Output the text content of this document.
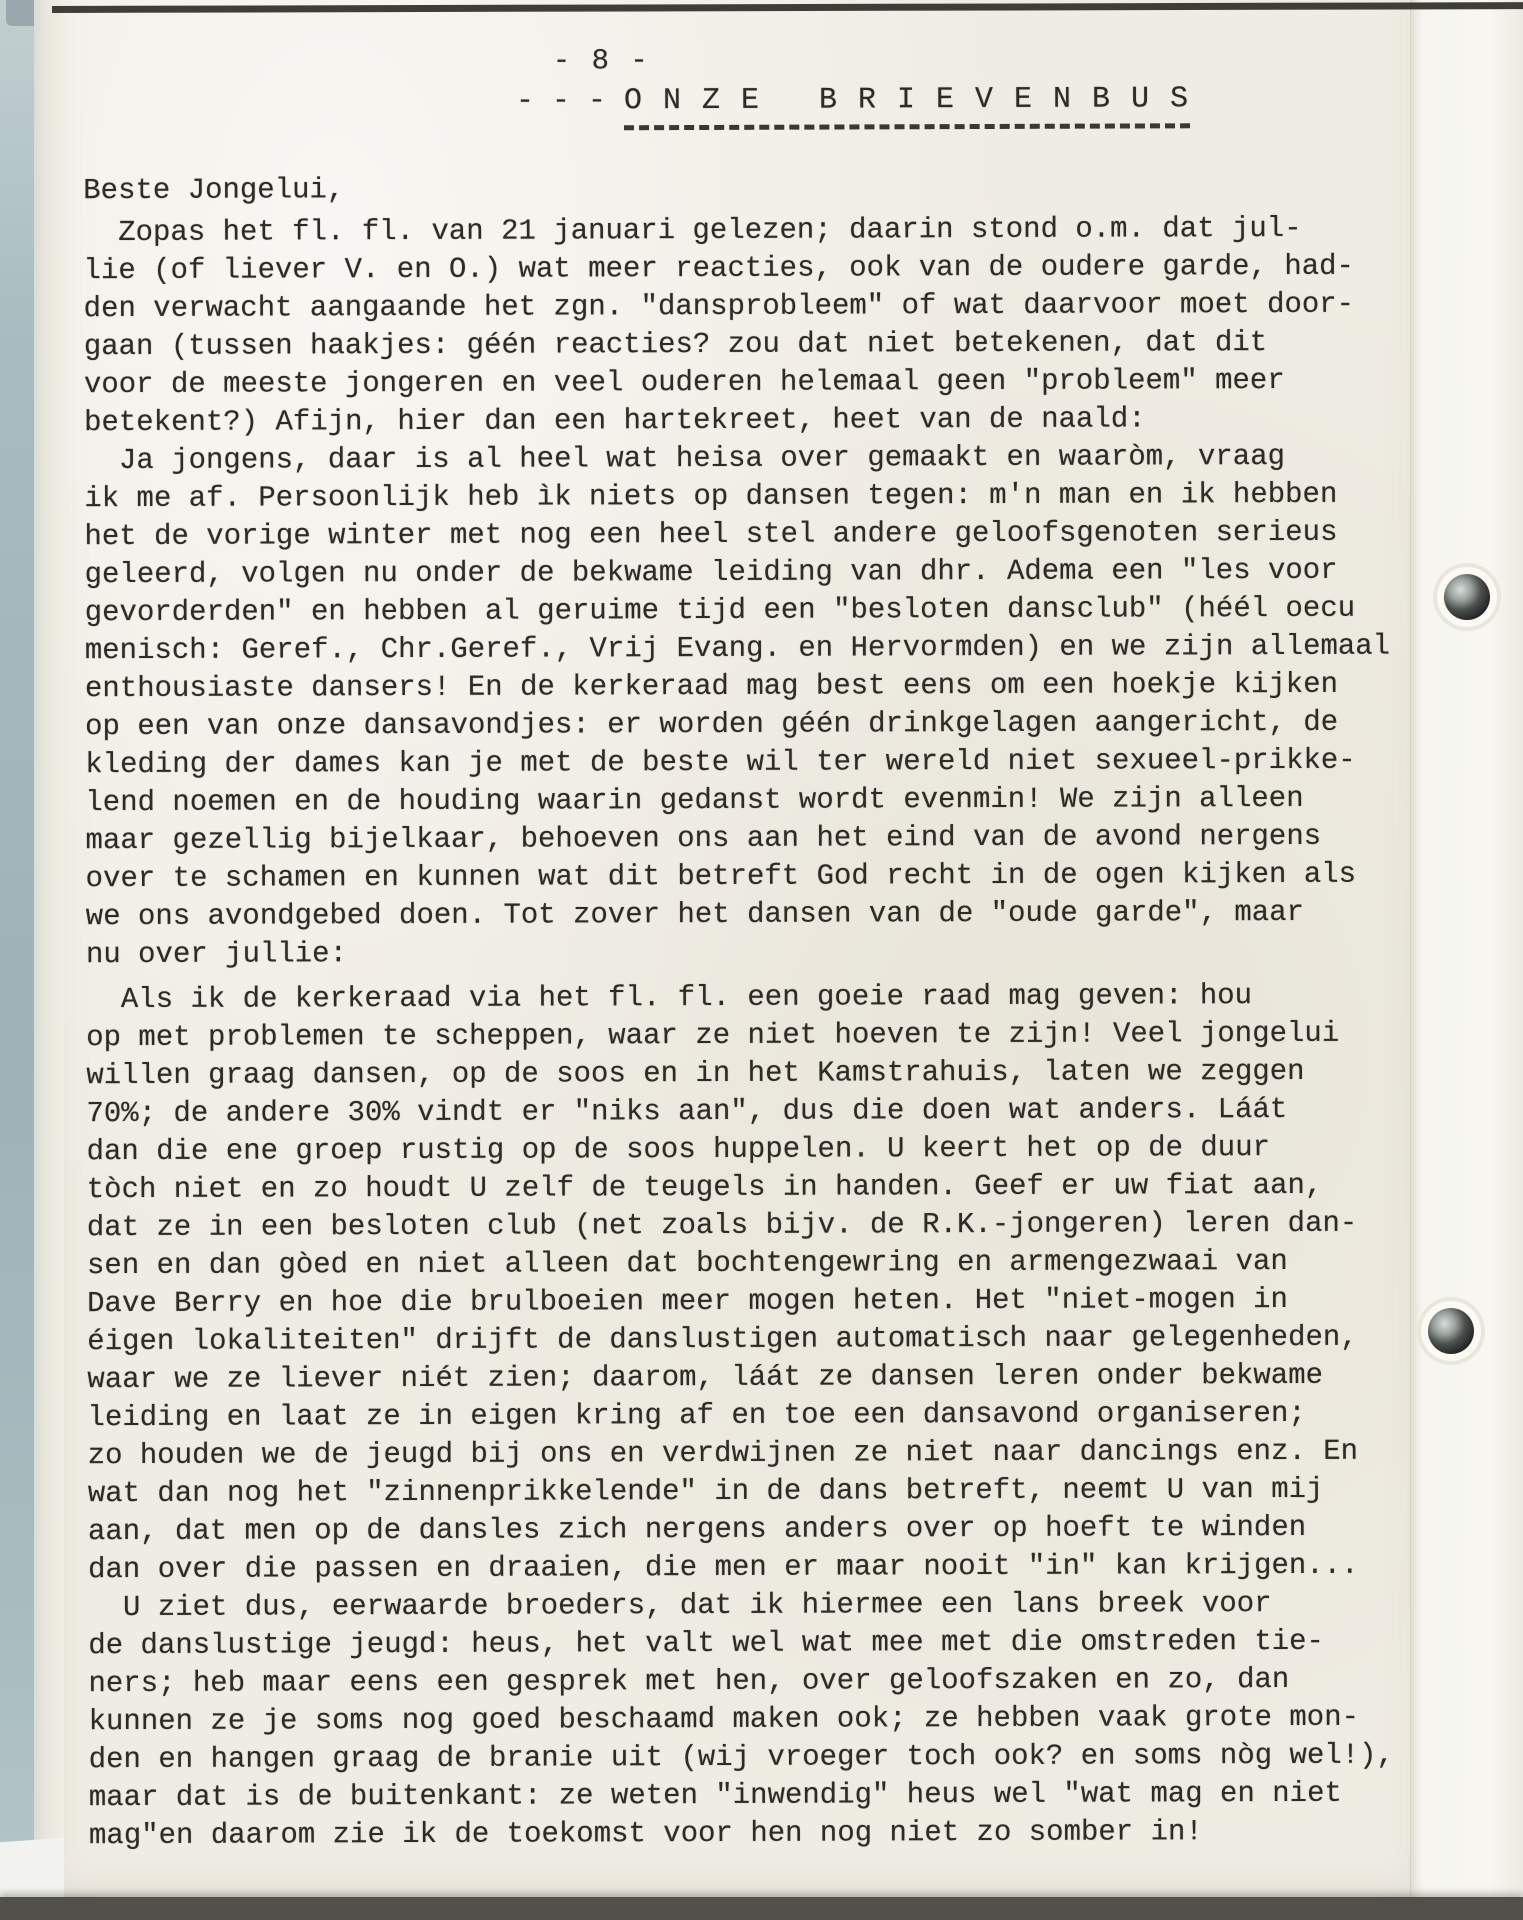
- 8 -
- - - O N Z E   B R I E V E N B U S
Beste Jongelui,
Zopas het fl. fl. van 21 januari gelezen; daarin stond o.m. dat jul-
lie (of liever V. en O.) wat meer reacties, ook van de oudere garde, had-
den verwacht aangaande het zgn. "dansprobleem" of wat daarvoor moet door-
gaan (tussen haakjes: géén reacties? zou dat niet betekenen, dat dit
voor de meeste jongeren en veel ouderen helemaal geen "probleem" meer
betekent?) Afijn, hier dan een hartekreet, heet van de naald:
Ja jongens, daar is al heel wat heisa over gemaakt en waaròm, vraag
ik me af. Persoonlijk heb ìk niets op dansen tegen: m'n man en ik hebben
het de vorige winter met nog een heel stel andere geloofsgenoten serieus
geleerd, volgen nu onder de bekwame leiding van dhr. Adema een "les voor
gevorderden" en hebben al geruime tijd een "besloten dansclub" (héél oecu
menisch: Geref., Chr.Geref., Vrij Evang. en Hervormden) en we zijn allemaal
enthousiaste dansers! En de kerkeraad mag best eens om een hoekje kijken
op een van onze dansavondjes: er worden géén drinkgelagen aangericht, de
kleding der dames kan je met de beste wil ter wereld niet sexueel-prikke-
lend noemen en de houding waarin gedanst wordt evenmin! We zijn alleen
maar gezellig bijelkaar, behoeven ons aan het eind van de avond nergens
over te schamen en kunnen wat dit betreft God recht in de ogen kijken als
we ons avondgebed doen. Tot zover het dansen van de "oude garde", maar
nu over jullie:
Als ik de kerkeraad via het fl. fl. een goeie raad mag geven: hou
op met problemen te scheppen, waar ze niet hoeven te zijn! Veel jongelui
willen graag dansen, op de soos en in het Kamstrahuis, laten we zeggen
70%; de andere 30% vindt er "niks aan", dus die doen wat anders. Láát
dan die ene groep rustig op de soos huppelen. U keert het op de duur
tòch niet en zo houdt U zelf de teugels in handen. Geef er uw fiat aan,
dat ze in een besloten club (net zoals bijv. de R.K.-jongeren) leren dan-
sen en dan gòed en niet alleen dat bochtengewring en armengezwaai van
Dave Berry en hoe die brulboeien meer mogen heten. Het "niet-mogen in
éigen lokaliteiten" drijft de danslustigen automatisch naar gelegenheden,
waar we ze liever niét zien; daarom, láát ze dansen leren onder bekwame
leiding en laat ze in eigen kring af en toe een dansavond organiseren;
zo houden we de jeugd bij ons en verdwijnen ze niet naar dancings enz. En
wat dan nog het "zinnenprikkelende" in de dans betreft, neemt U van mij
aan, dat men op de dansles zich nergens anders over op hoeft te winden
dan over die passen en draaien, die men er maar nooit "in" kan krijgen...
U ziet dus, eerwaarde broeders, dat ik hiermee een lans breek voor
de danslustige jeugd: heus, het valt wel wat mee met die omstreden tie-
ners; heb maar eens een gesprek met hen, over geloofszaken en zo, dan
kunnen ze je soms nog goed beschaamd maken ook; ze hebben vaak grote mon-
den en hangen graag de branie uit (wij vroeger toch ook? en soms nòg wel!),
maar dat is de buitenkant: ze weten "inwendig" heus wel "wat mag en niet
mag"en daarom zie ik de toekomst voor hen nog niet zo somber in!
